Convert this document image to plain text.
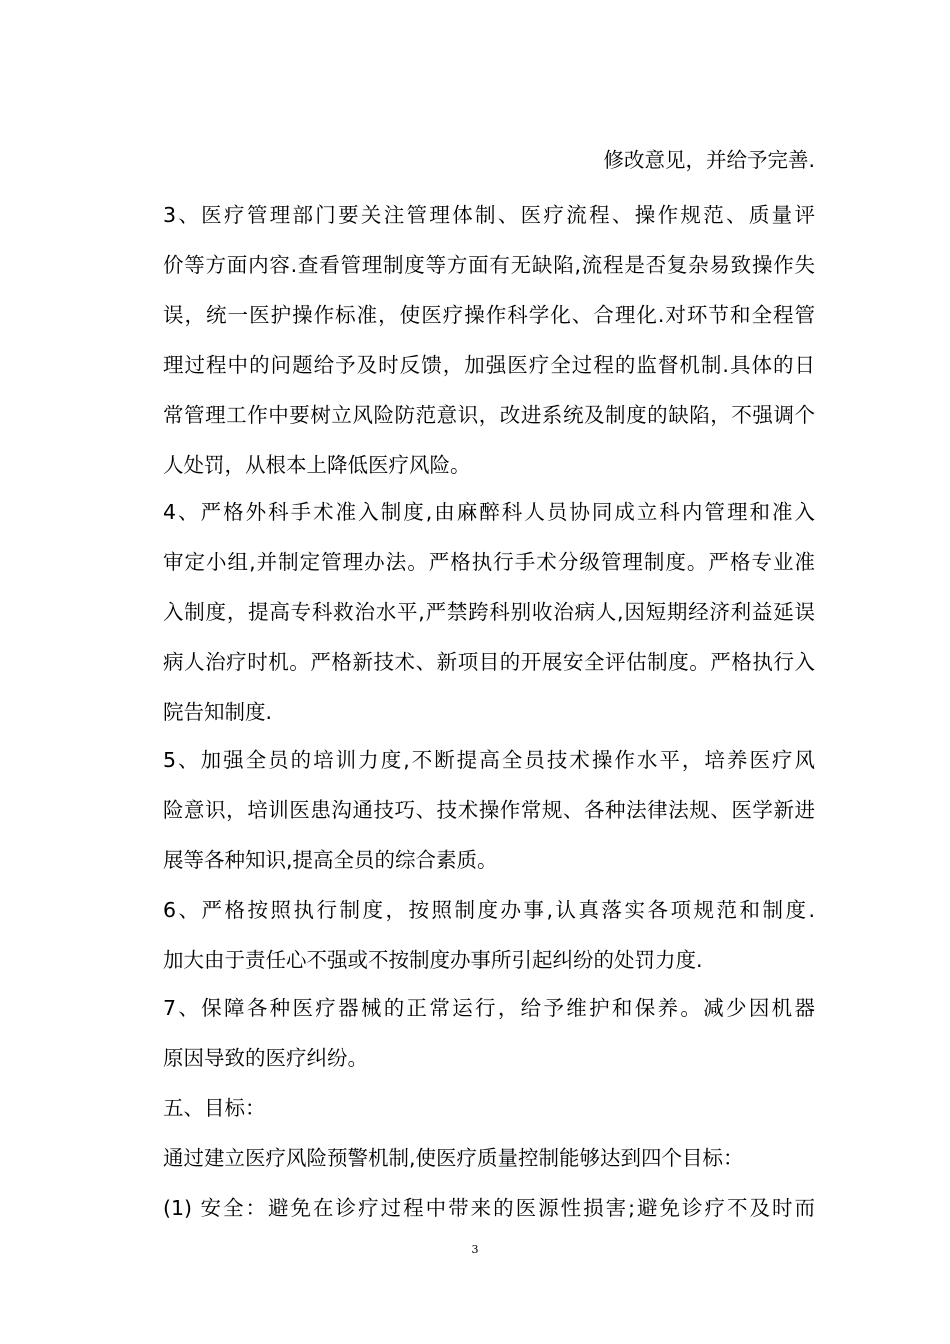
修改意见，并给予完善.
3、医疗管理部门要关注管理体制、医疗流程、操作规范、质量评
价等方面内容.查看管理制度等方面有无缺陷,流程是否复杂易致操作失
误，统一医护操作标准，使医疗操作科学化、合理化.对环节和全程管
理过程中的问题给予及时反馈，加强医疗全过程的监督机制.具体的日
常管理工作中要树立风险防范意识，改进系统及制度的缺陷，不强调个
人处罚，从根本上降低医疗风险。
4、严格外科手术准入制度,由麻醉科人员协同成立科内管理和准入
审定小组,并制定管理办法。严格执行手术分级管理制度。严格专业准
入制度，提高专科救治水平,严禁跨科别收治病人,因短期经济利益延误
病人治疗时机。严格新技术、新项目的开展安全评估制度。严格执行入
院告知制度.
5、加强全员的培训力度,不断提高全员技术操作水平，培养医疗风
险意识，培训医患沟通技巧、技术操作常规、各种法律法规、医学新进
展等各种知识,提高全员的综合素质。
6、严格按照执行制度，按照制度办事,认真落实各项规范和制度.
加大由于责任心不强或不按制度办事所引起纠纷的处罚力度.
7、保障各种医疗器械的正常运行，给予维护和保养。减少因机器
原因导致的医疗纠纷。
五、目标：
通过建立医疗风险预警机制,使医疗质量控制能够达到四个目标：
(1) 安全：避免在诊疗过程中带来的医源性损害;避免诊疗不及时而
3
